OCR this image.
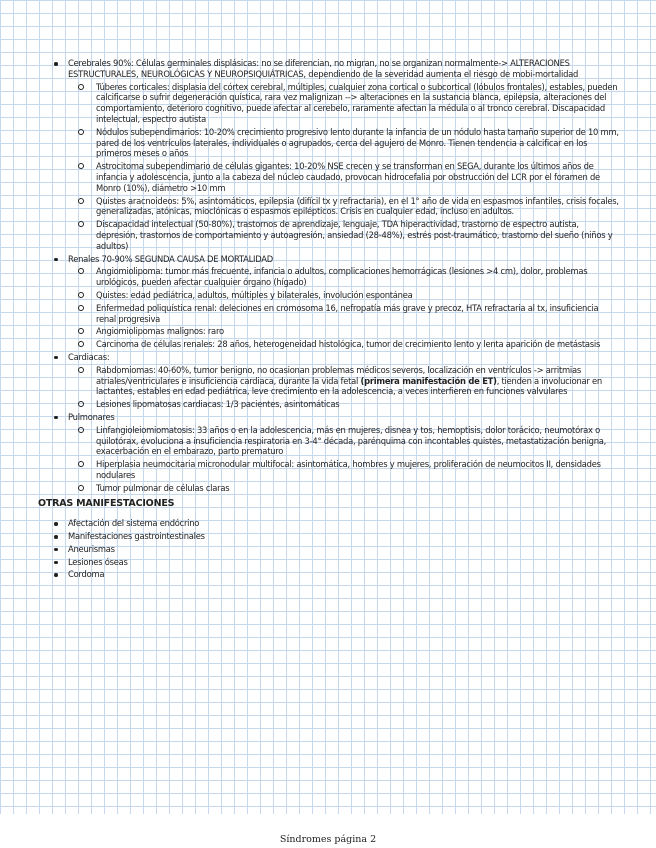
Cerebrales 90%: Células germinales displásicas: no se diferencian, no migran, no se organizan normalmente-> ALTERACIONES ESTRUCTURALES, NEUROLÓGICAS Y NEUROPSIQUIÁTRICAS, dependiendo de la severidad aumenta el riesgo de mobi-mortalidad
Túberes corticales: displasia del córtex cerebral, múltiples, cualquier zona cortical o subcortical (lóbulos frontales), estables, pueden calcificarse o sufrir degeneración quística, rara vez malignizan --> alteraciones en la sustancia blanca, epilepsia, alteraciones del comportamiento, deterioro cognitivo, puede afectar al cerebelo, raramente afectan la médula o al tronco cerebral. Discapacidad intelectual, espectro autista
Nódulos subependimarios: 10-20% crecimiento progresivo lento durante la infancia de un nódulo hasta tamaño superior de 10 mm, pared de los ventrículos laterales, individuales o agrupados, cerca del agujero de Monro. Tienen tendencia a calcificar en los primeros meses o años
Astrocitoma subependimario de células gigantes: 10-20% NSE crecen y se transforman en SEGA, durante los últimos años de infancia y adolescencia, junto a la cabeza del núcleo caudado, provocan hidrocefalia por obstrucción del LCR por el foramen de Monro (10%), diámetro >10 mm
Quistes aracnoideos: 5%, asintomáticos, epilepsia (difícil tx y refractaria), en el 1° año de vida en espasmos infantiles, crisis focales, generalizadas, atónicas, mioclónicas o espasmos epilépticos. Crisis en cualquier edad, incluso en adultos.
Discapacidad intelectual (50-80%), trastornos de aprendizaje, lenguaje, TDA hiperactividad, trastorno de espectro autista, depresión, trastornos de comportamiento y autoagresión, ansiedad (28-48%), estrés post-traumático, trastorno del sueño (niños y adultos)
Renales 70-90% SEGUNDA CAUSA DE MORTALIDAD
Angiomiolipoma: tumor más frecuente, infancia o adultos, complicaciones hemorrágicas (lesiones >4 cm), dolor, problemas urológicos, pueden afectar cualquier órgano (hígado)
Quistes: edad pediátrica, adultos, múltiples y bilaterales, involución espontánea
Enfermedad poliquística renal: deleciones en cromosoma 16, nefropatía más grave y precoz, HTA refractaria al tx, insuficiencia renal progresiva
Angiomiolipomas malignos: raro
Carcinoma de células renales: 28 años, heterogeneidad histológica, tumor de crecimiento lento y lenta aparición de metástasis
Cardiacas:
Rabdomiomas: 40-60%, tumor benigno, no ocasionan problemas médicos severos, localización en ventrículos -> arritmias atriales/ventriculares e insuficiencia cardiaca, durante la vida fetal (primera manifestación de ET), tienden a involucionar en lactantes, estables en edad pediátrica, leve crecimiento en la adolescencia, a veces interfieren en funciones valvulares
Lesiones lipomatosas cardiacas: 1/3 pacientes, asintomáticas
Pulmonares
Linfangioleiomiomatosis: 33 años o en la adolescencia, más en mujeres, disnea y tos, hemoptisis, dolor torácico, neumotórax o quilotórax, evoluciona a insuficiencia respiratoria en 3-4° década, parénquima con incontables quistes, metastatización benigna, exacerbación en el embarazo, parto prematuro
Hiperplasia neumocitaria micronodular multifocal: asintomática, hombres y mujeres, proliferación de neumocitos II, densidades nodulares
Tumor pulmonar de células claras
OTRAS MANIFESTACIONES
Afectación del sistema endócrino
Manifestaciones gastrointestinales
Aneurismas
Lesiones óseas
Cordoma
Síndromes página 2
